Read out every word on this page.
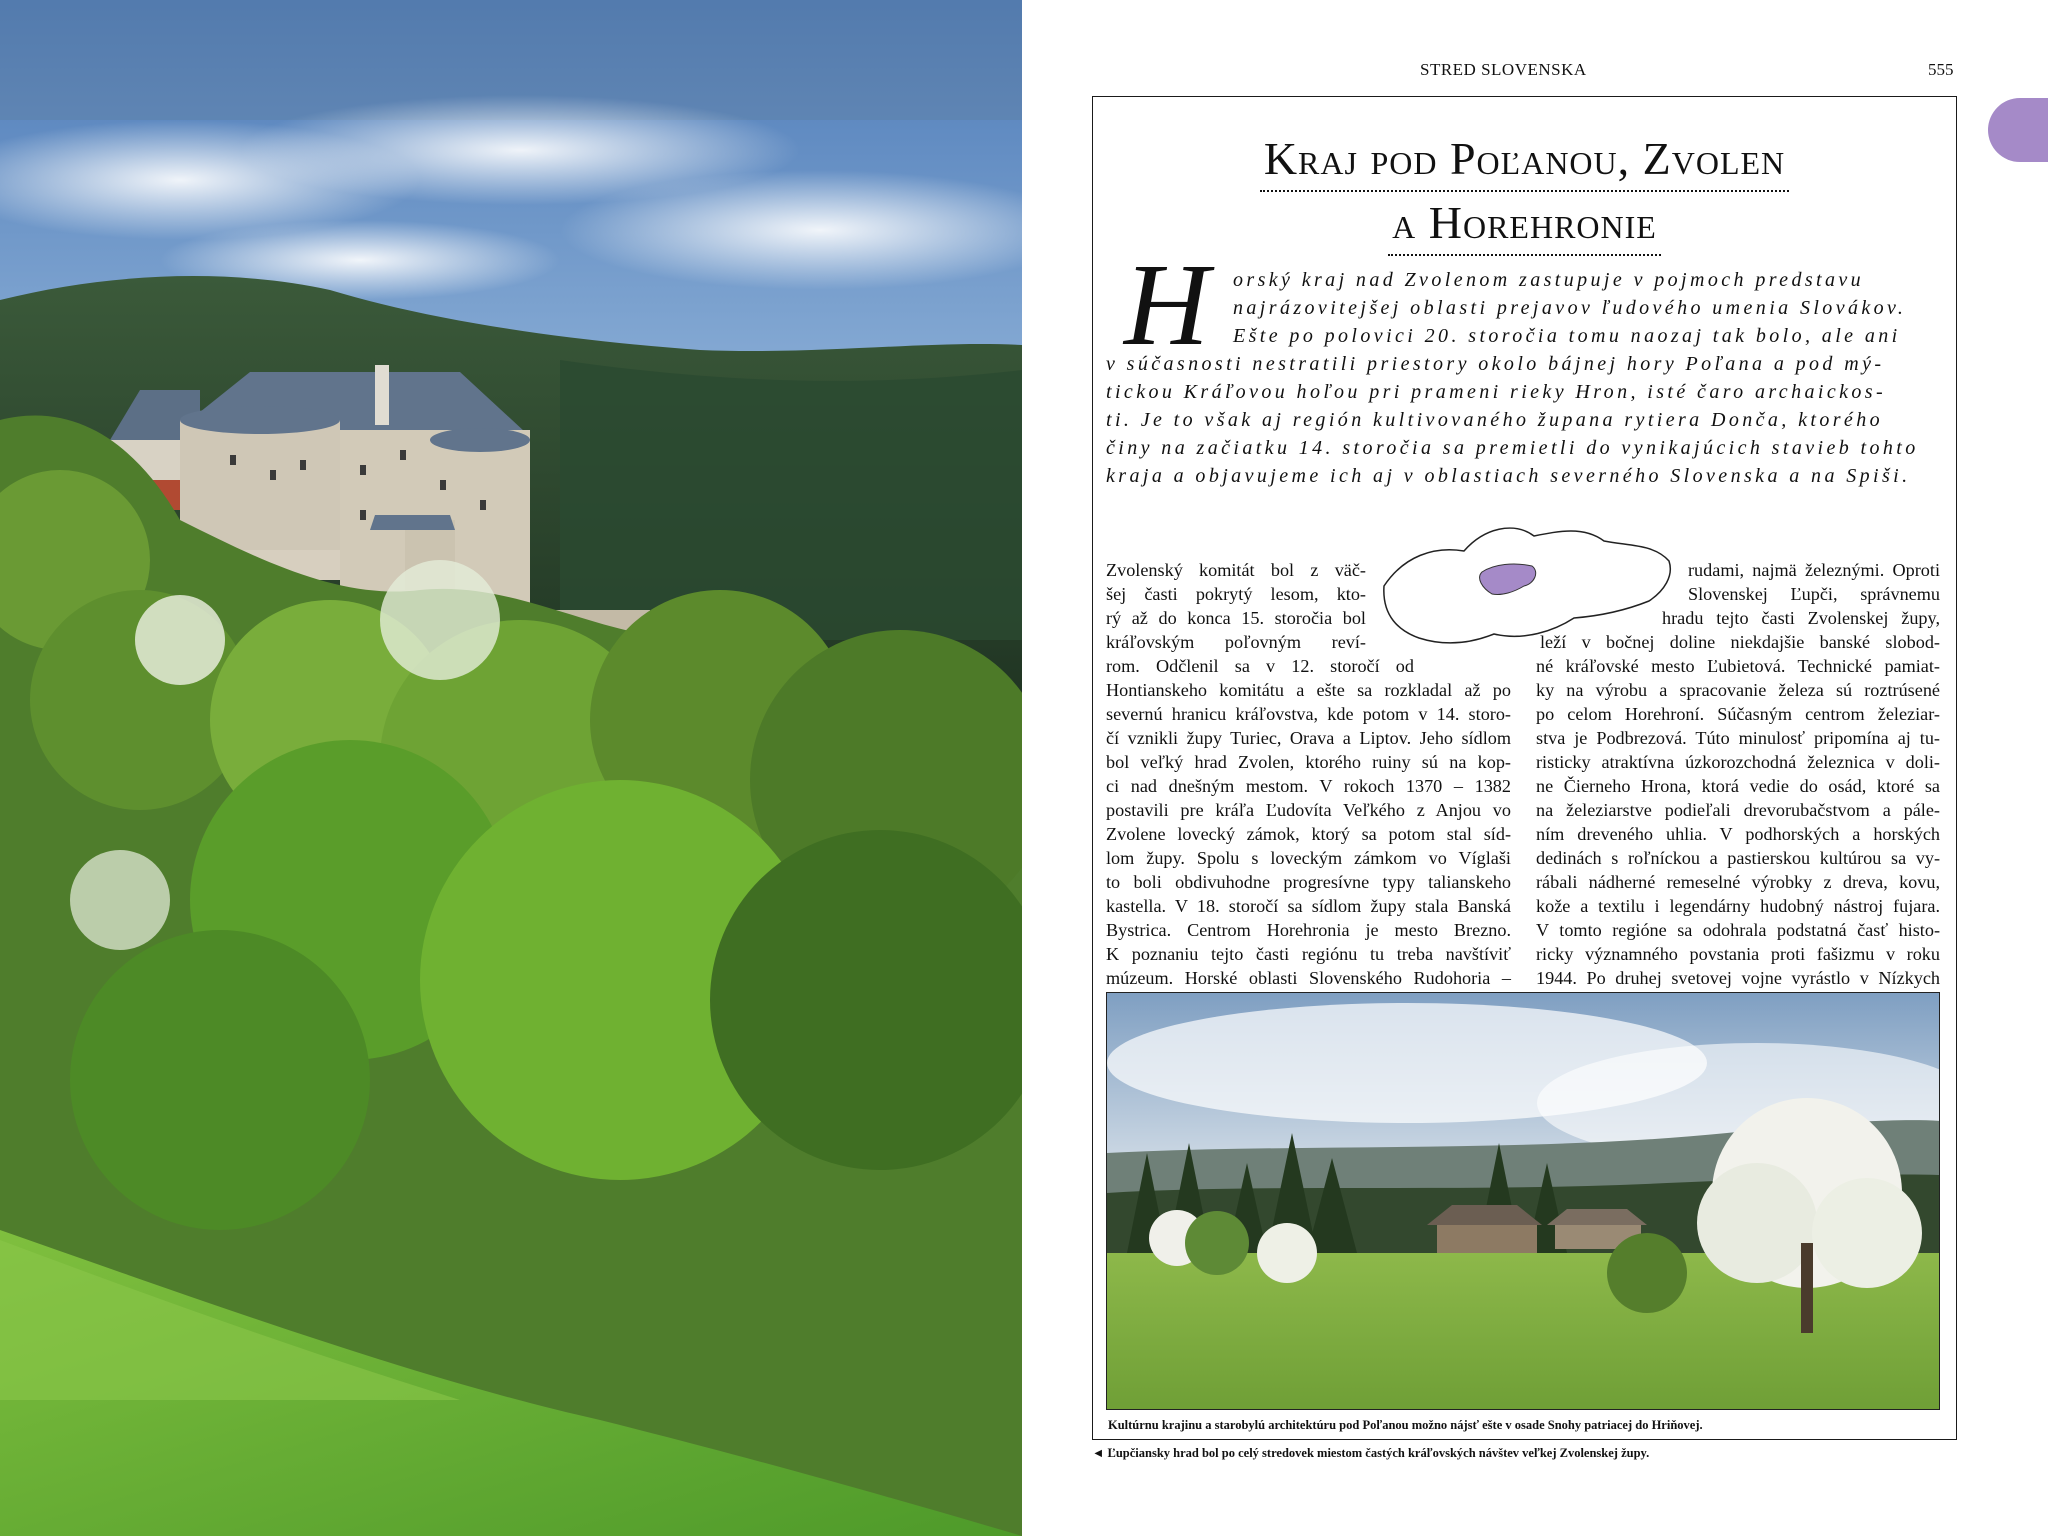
STRED SLOVENSKA	555
Kraj pod Poľanou, Zvolen
a Horehronie
H orský kraj nad Zvolenom zastupuje v pojmoch predstavu
najrázovitejšej oblasti prejavov ľudového umenia Slovákov.
Ešte po polovici 20. storočia tomu naozaj tak bolo, ale ani
v súčasnosti nestratili priestory okolo bájnej hory Poľana a pod mý-
tickou Kráľovou hoľou pri prameni rieky Hron, isté čaro archaickos-
ti. Je to však aj región kultivovaného župana rytiera Donča, ktorého
činy na začiatku 14. storočia sa premietli do vynikajúcich stavieb tohto
kraja a objavujeme ich aj v oblastiach severného Slovenska a na Spiši.
Zvolenský komitát bol z väč-
šej časti pokrytý lesom, kto-
rý až do konca 15. storočia bol
kráľovským poľovným reví-
rom. Odčlenil sa v 12. storočí od
Hontianskeho komitátu a ešte sa rozkladal až po
severnú hranicu kráľovstva, kde potom v 14. storo-
čí vznikli župy Turiec, Orava a Liptov. Jeho sídlom
bol veľký hrad Zvolen, ktorého ruiny sú na kop-
ci nad dnešným mestom. V rokoch 1370 – 1382
postavili pre kráľa Ľudovíta Veľkého z Anjou vo
Zvolene lovecký zámok, ktorý sa potom stal síd-
lom župy. Spolu s loveckým zámkom vo Víglaši
to boli obdivuhodne progresívne typy talianskeho
kastella. V 18. storočí sa sídlom župy stala Banská
Bystrica. Centrom Horehronia je mesto Brezno.
K poznaniu tejto časti regiónu tu treba navštíviť
múzeum. Horské oblasti Slovenského Rudohoria –
rudami, najmä železnými. Oproti
Slovenskej Ľupči, správnemu
hradu tejto časti Zvolenskej župy,
leží v bočnej doline niekdajšie banské slobod-
né kráľovské mesto Ľubietová. Technické pamiat-
ky na výrobu a spracovanie železa sú roztrúsené
po celom Horehroní. Súčasným centrom železiar-
stva je Podbrezová. Túto minulosť pripomína aj tu-
risticky atraktívna úzkorozchodná železnica v doli-
ne Čierneho Hrona, ktorá vedie do osád, ktoré sa
na železiarstve podieľali drevorubačstvom a pále-
ním dreveného uhlia. V podhorských a horských
dedinách s roľníckou a pastierskou kultúrou sa vy-
rábali nádherné remeselné výrobky z dreva, kovu,
kože a textilu i legendárny hudobný nástroj fujara.
V tomto regióne sa odohrala podstatná časť histo-
ricky významného povstania proti fašizmu v roku
1944. Po druhej svetovej vojne vyrástlo v Nízkych
Kultúrnu krajinu a starobylú architektúru pod Poľanou možno nájsť ešte v osade Snohy patriacej do Hriňovej.
◄ Ľupčiansky hrad bol po celý stredovek miestom častých kráľovských návštev veľkej Zvolenskej župy.
